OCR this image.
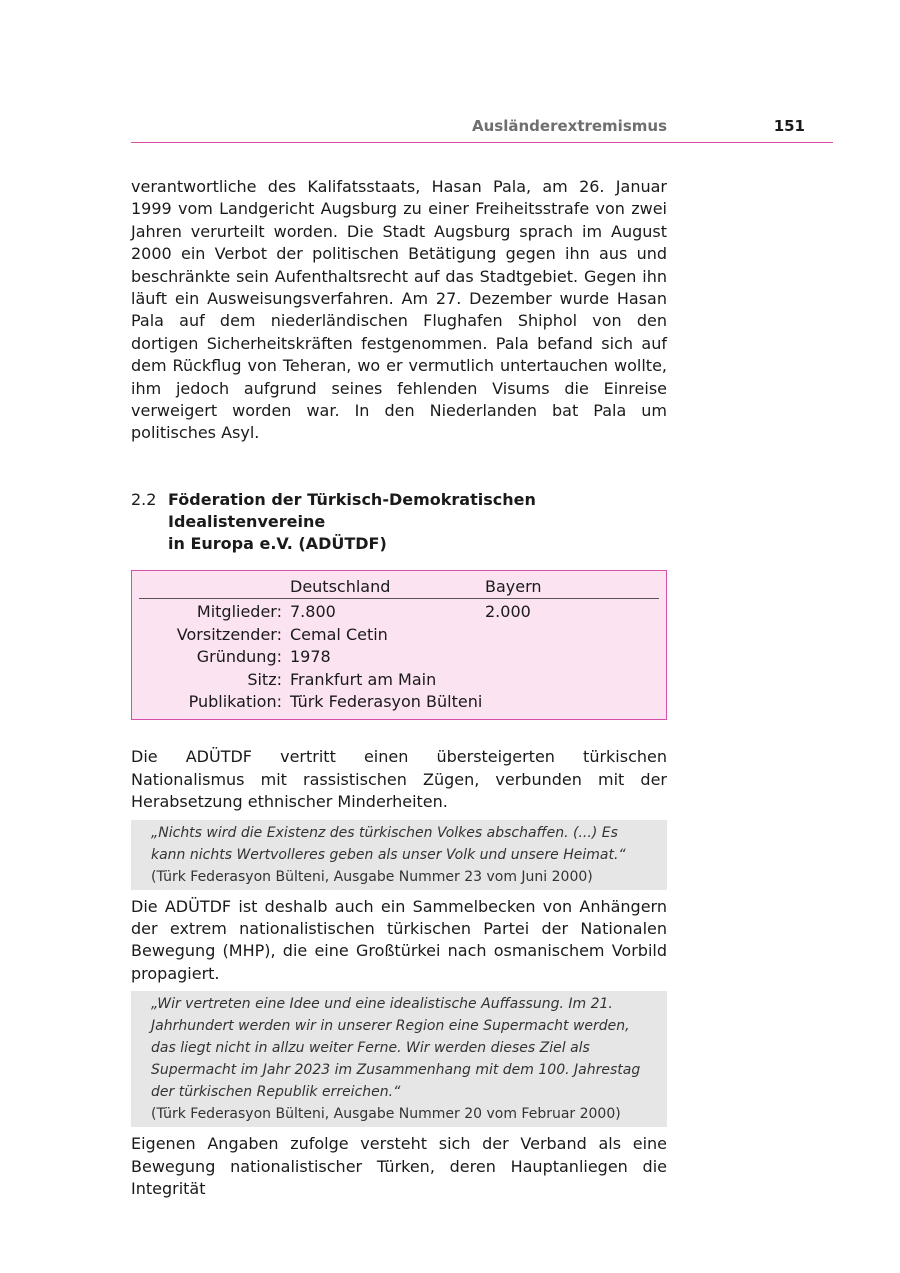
Ausländerextremismus	151

verantwortliche des Kalifatsstaats, Hasan Pala, am 26. Januar 1999 vom Landgericht Augsburg zu einer Freiheitsstrafe von zwei Jahren verurteilt worden. Die Stadt Augsburg sprach im August 2000 ein Verbot der politischen Betätigung gegen ihn aus und beschränkte sein Aufenthaltsrecht auf das Stadtgebiet. Gegen ihn läuft ein Ausweisungsverfahren. Am 27. Dezember wurde Hasan Pala auf dem niederländischen Flughafen Shiphol von den dortigen Sicherheitskräften festgenommen. Pala befand sich auf dem Rückflug von Teheran, wo er vermutlich untertauchen wollte, ihm jedoch aufgrund seines fehlenden Visums die Einreise verweigert worden war. In den Niederlanden bat Pala um politisches Asyl.

2.2 Föderation der Türkisch-Demokratischen Idealistenvereine
in Europa e.V. (ADÜTDF)
Deutschland	Bayern
Mitglieder: 7.800	2.000
Vorsitzender: Cemal Cetin
Gründung: 1978
Sitz: Frankfurt am Main
Publikation: Türk Federasyon Bülteni

Die ADÜTDF vertritt einen übersteigerten türkischen Nationalismus mit rassistischen Zügen, verbunden mit der Herabsetzung ethnischer Minderheiten.

„Nichts wird die Existenz des türkischen Volkes abschaffen. (...) Es kann nichts Wertvolleres geben als unser Volk und unsere Heimat.“
(Türk Federasyon Bülteni, Ausgabe Nummer 23 vom Juni 2000)

Die ADÜTDF ist deshalb auch ein Sammelbecken von Anhängern der extrem nationalistischen türkischen Partei der Nationalen Bewegung (MHP), die eine Großtürkei nach osmanischem Vorbild propagiert.

„Wir vertreten eine Idee und eine idealistische Auffassung. Im 21. Jahrhundert werden wir in unserer Region eine Supermacht werden, das liegt nicht in allzu weiter Ferne. Wir werden dieses Ziel als Supermacht im Jahr 2023 im Zusammenhang mit dem 100. Jahrestag der türkischen Republik erreichen.“
(Türk Federasyon Bülteni, Ausgabe Nummer 20 vom Februar 2000)

Eigenen Angaben zufolge versteht sich der Verband als eine Bewegung nationalistischer Türken, deren Hauptanliegen die Integrität
